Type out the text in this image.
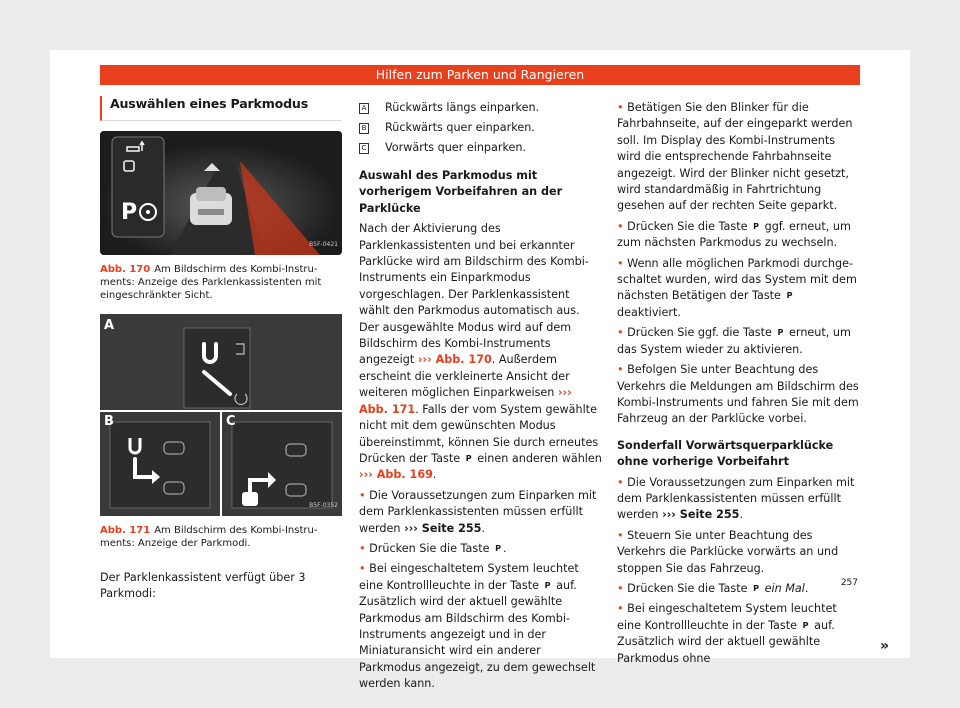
Hilfen zum Parken und Rangieren
Auswählen eines Parkmodus
P
B5F-0421
Abb. 170 Am Bildschirm des Kombi-Instruments: Anzeige des Parklenkassistenten mit eingeschränkter Sicht.
A
B	C
B5F-0352
Abb. 171 Am Bildschirm des Kombi-Instruments: Anzeige der Parkmodi.

Der Parklenkassistent verfügt über 3 Parkmodi:

A Rückwärts längs einparken.
B Rückwärts quer einparken.
C Vorwärts quer einparken.
Auswahl des Parkmodus mit vorherigem Vorbeifahren an der Parklücke

Nach der Aktivierung des Parklenkassistenten und bei erkannter Parklücke wird am Bildschirm des Kombi-Instruments ein Einparkmodus vorgeschlagen. Der Parklenkassistent wählt den Parkmodus automatisch aus. Der ausgewählte Modus wird auf dem Bildschirm des Kombi-Instruments angezeigt ››› Abb. 170. Außerdem erscheint die verkleinerte Ansicht der weiteren möglichen Einparkweisen ››› Abb. 171. Falls der vom System gewählte nicht mit dem gewünschten Modus übereinstimmt, können Sie durch erneutes Drücken der Taste P einen anderen wählen ››› Abb. 169.

• Die Voraussetzungen zum Einparken mit dem Parklenkassistenten müssen erfüllt werden ››› Seite 255.

• Drücken Sie die Taste P .

• Bei eingeschaltetem System leuchtet eine Kontrollleuchte in der Taste P auf. Zusätzlich wird der aktuell gewählte Parkmodus am Bildschirm des Kombi-Instruments angezeigt und in der Miniaturansicht wird ein anderer Parkmodus angezeigt, zu dem gewechselt werden kann.

• Betätigen Sie den Blinker für die Fahrbahnseite, auf der eingeparkt werden soll. Im Display des Kombi-Instruments wird die entsprechende Fahrbahnseite angezeigt. Wird der Blinker nicht gesetzt, wird standardmäßig in Fahrtrichtung gesehen auf der rechten Seite geparkt.

• Drücken Sie die Taste P ggf. erneut, um zum nächsten Parkmodus zu wechseln.

• Wenn alle möglichen Parkmodi durchgeschaltet wurden, wird das System mit dem nächsten Betätigen der Taste P deaktiviert.

• Drücken Sie ggf. die Taste P erneut, um das System wieder zu aktivieren.

• Befolgen Sie unter Beachtung des Verkehrs die Meldungen am Bildschirm des Kombi-Instruments und fahren Sie mit dem Fahrzeug an der Parklücke vorbei.

Sonderfall Vorwärtsquerparklücke ohne vorherige Vorbeifahrt

• Die Voraussetzungen zum Einparken mit dem Parklenkassistenten müssen erfüllt werden ››› Seite 255.

• Steuern Sie unter Beachtung des Verkehrs die Parklücke vorwärts an und stoppen Sie das Fahrzeug.

• Drücken Sie die Taste P ein Mal.

• Bei eingeschaltetem System leuchtet eine Kontrollleuchte in der Taste P auf. Zusätzlich wird der aktuell gewählte Parkmodus ohne

»
257
